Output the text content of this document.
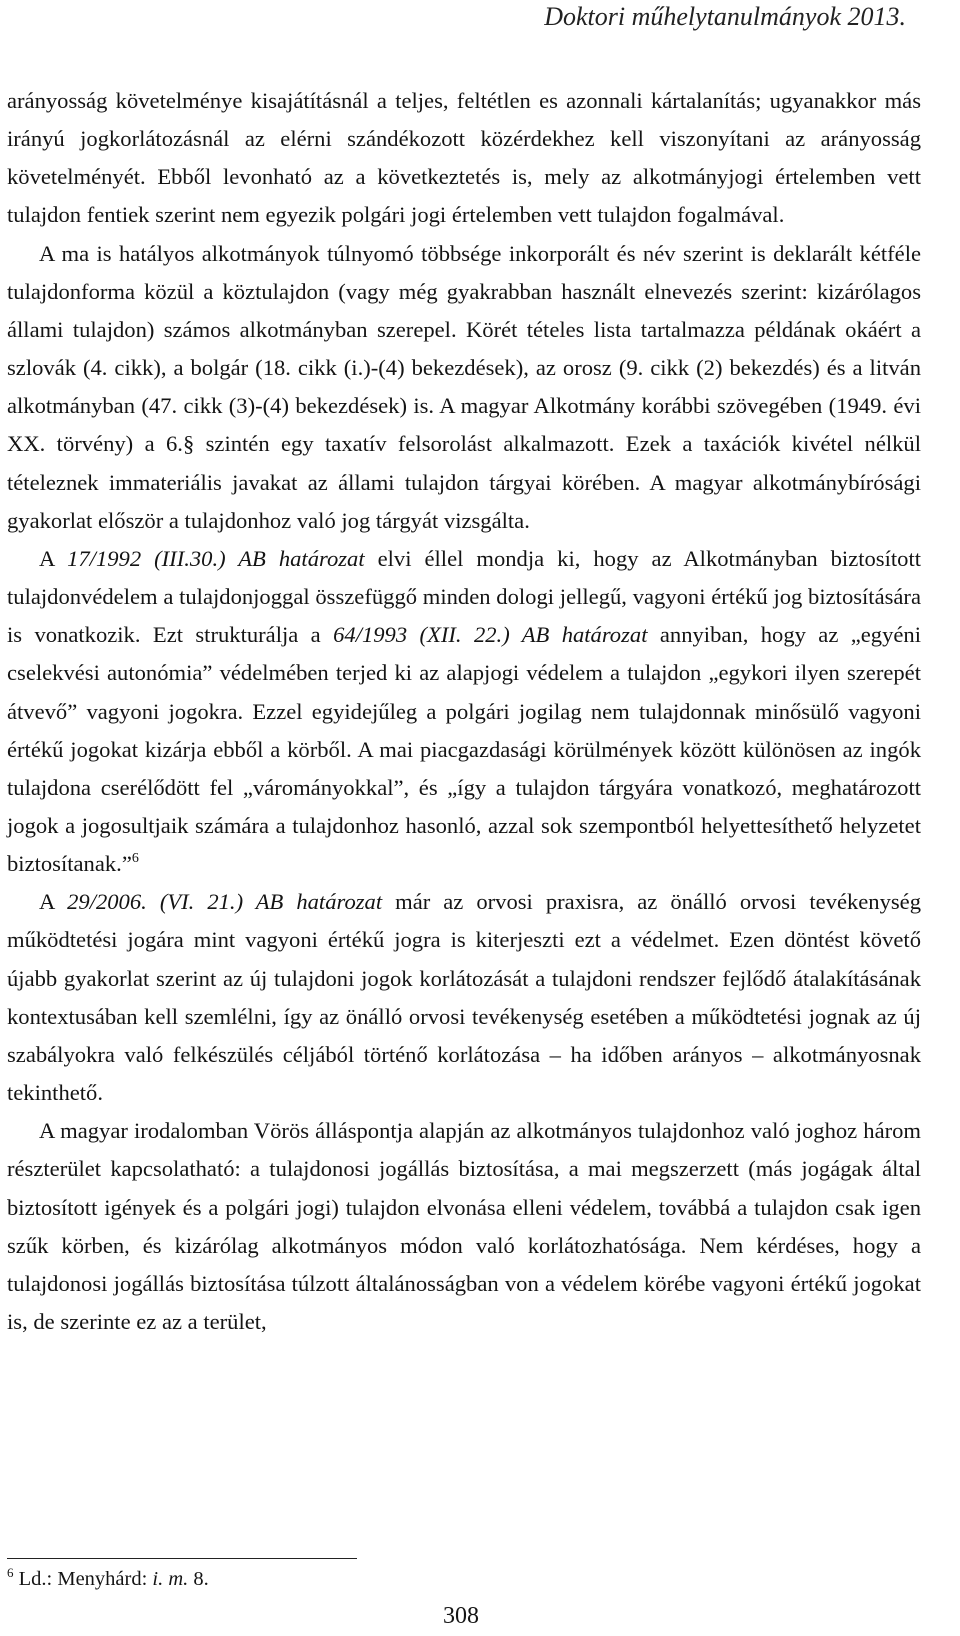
Doktori műhelytanulmányok 2013.

arányosság követelménye kisajátításnál a teljes, feltétlen es azonnali kártalanítás; ugyanakkor más irányú jogkorlátozásnál az elérni szándékozott közérdekhez kell viszonyítani az arányosság követelményét. Ebből levonható az a következtetés is, mely az alkotmányjogi értelemben vett tulajdon fentiek szerint nem egyezik polgári jogi értelemben vett tulajdon fogalmával.

A ma is hatályos alkotmányok túlnyomó többsége inkorporált és név szerint is deklarált kétféle tulajdonforma közül a köztulajdon (vagy még gyakrabban használt elnevezés szerint: kizárólagos állami tulajdon) számos alkotmányban szerepel. Körét tételes lista tartalmazza példának okáért a szlovák (4. cikk), a bolgár (18. cikk (i.)-(4) bekezdések), az orosz (9. cikk (2) bekezdés) és a litván alkotmányban (47. cikk (3)-(4) bekezdések) is. A magyar Alkotmány korábbi szövegében (1949. évi XX. törvény) a 6.§ szintén egy taxatív felsorolást alkalmazott. Ezek a taxációk kivétel nélkül tételeznek immateriális javakat az állami tulajdon tárgyai körében. A magyar alkotmánybírósági gyakorlat először a tulajdonhoz való jog tárgyát vizsgálta.

A 17/1992 (III.30.) AB határozat elvi éllel mondja ki, hogy az Alkotmányban biztosított tulajdonvédelem a tulajdonjoggal összefüggő minden dologi jellegű, vagyoni értékű jog biztosítására is vonatkozik. Ezt strukturálja a 64/1993 (XII. 22.) AB határozat annyiban, hogy az „egyéni cselekvési autonómia” védelmében terjed ki az alapjogi védelem a tulajdon „egykori ilyen szerepét átvevő” vagyoni jogokra. Ezzel egyidejűleg a polgári jogilag nem tulajdonnak minősülő vagyoni értékű jogokat kizárja ebből a körből. A mai piacgazdasági körülmények között különösen az ingók tulajdona cserélődött fel „várományokkal”, és „így a tulajdon tárgyára vonatkozó, meghatározott jogok a jogosultjaik számára a tulajdonhoz hasonló, azzal sok szempontból helyettesíthető helyzetet biztosítanak.”$^6$

A 29/2006. (VI. 21.) AB határozat már az orvosi praxisra, az önálló orvosi tevékenység működtetési jogára mint vagyoni értékű jogra is kiterjeszti ezt a védelmet. Ezen döntést követő újabb gyakorlat szerint az új tulajdoni jogok korlátozását a tulajdoni rendszer fejlődő átalakításának kontextusában kell szemlélni, így az önálló orvosi tevékenység esetében a működtetési jognak az új szabályokra való felkészülés céljából történő korlátozása – ha időben arányos – alkotmányosnak tekinthető.

A magyar irodalomban Vörös álláspontja alapján az alkotmányos tulajdonhoz való joghoz három részterület kapcsolatható: a tulajdonosi jogállás biztosítása, a mai megszerzett (más jogágak által biztosított igények és a polgári jogi) tulajdon elvonása elleni védelem, továbbá a tulajdon csak igen szűk körben, és kizárólag alkotmányos módon való korlátozhatósága. Nem kérdéses, hogy a tulajdonosi jogállás biztosítása túlzott általánosságban von a védelem körébe vagyoni értékű jogokat is, de szerinte ez az a terület,

$^6$ Ld.: Menyhárd: i. m. 8.
308
